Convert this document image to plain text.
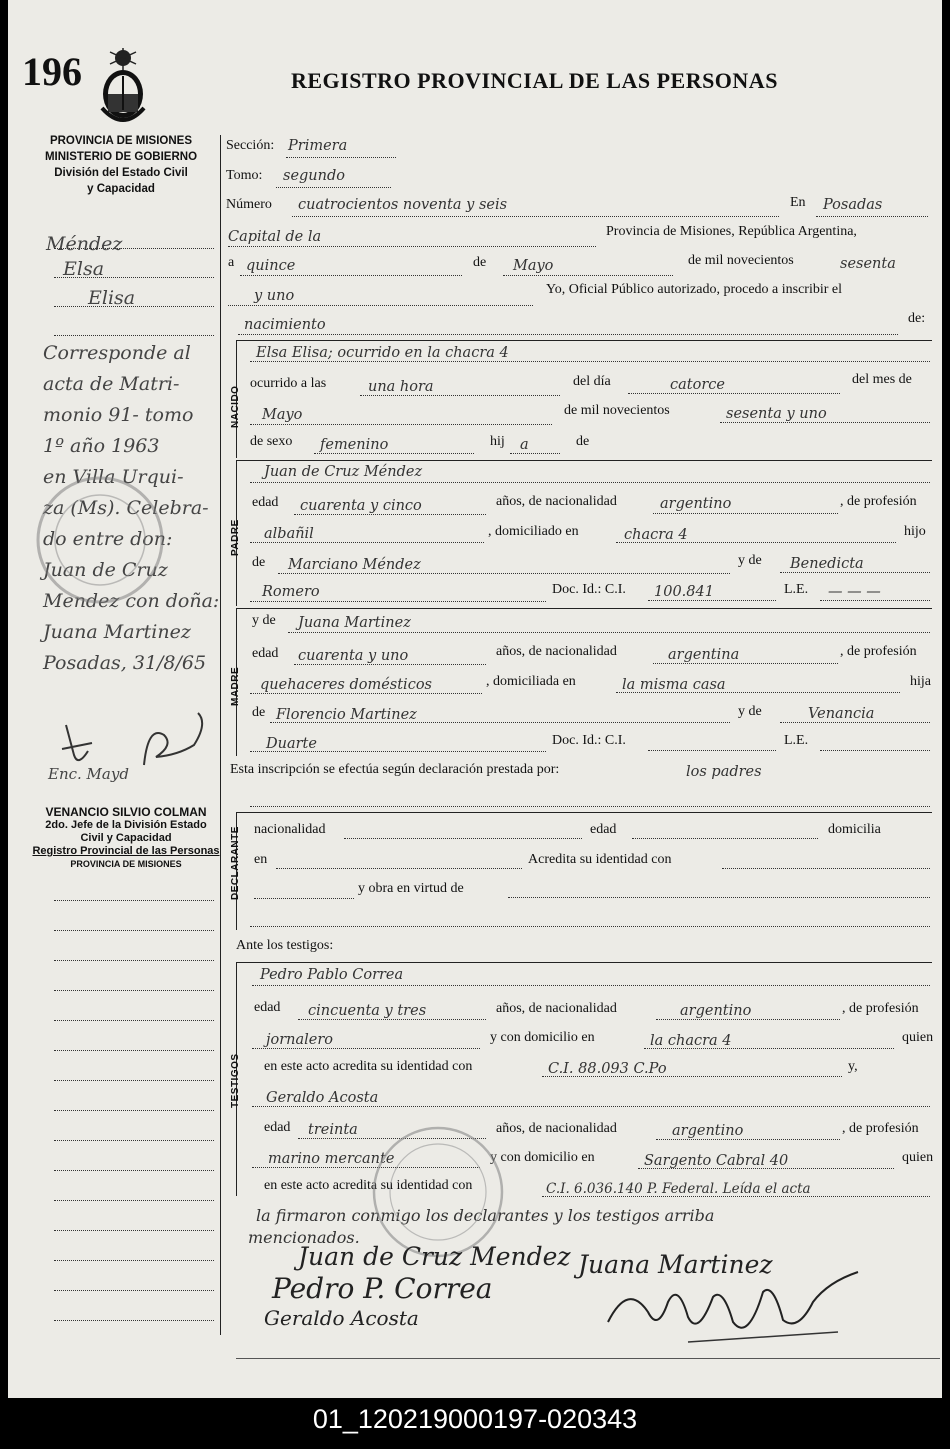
196	REGISTRO PROVINCIAL DE LAS PERSONAS
PROVINCIA DE MISIONES
MINISTERIO DE GOBIERNO
División del Estado Civil
y Capacidad
Méndez
Elsa
Elisa
Corresponde al
acta de Matri-
monio 91- tomo
1º año 1963
en Villa Urqui-
za (Ms). Celebra-
do entre don:
Juan de Cruz
Mendez con doña:
Juana Martinez
Posadas, 31/8/65
Enc. Mayd
VENANCIO SILVIO COLMAN
2do. Jefe de la División Estado
Civil y Capacidad
Registro Provincial de las Personas
PROVINCIA DE MISIONES
Sección: Primera
Tomo: segundo
Número cuatrocientos noventa y seis	En Posadas
Capital de la	Provincia de Misiones, República Argentina,
a quince	de Mayo	de mil novecientos	sesenta
y uno	Yo, Oficial Público autorizado, procedo a inscribir el
nacimiento	de:
NACIDO
Elsa Elisa; ocurrido en la chacra 4
ocurrido a las	una hora	del día	catorce	del mes de
Mayo	de mil novecientos	sesenta y uno
de sexo femenino	hij a	de
PADRE
Juan de Cruz Méndez
edad cuarenta y cinco	años, de nacionalidad	argentino	, de profesión
albañil	, domiciliado en	chacra 4	hijo
de Marciano Méndez	y de Benedicta
Romero	Doc. Id.: C.I. 100.841	L.E. — — —
MADRE
y de Juana Martinez
edad cuarenta y uno	años, de nacionalidad	argentina	, de profesión
quehaceres domésticos	, domiciliada en	la misma casa	hija
de Florencio Martinez	y de	Venancia
Duarte	Doc. Id.: C.I.	L.E.
Esta inscripción se efectúa según declaración prestada por:	los padres
DECLARANTE nacionalidad	edad	domicilia
en	Acredita su identidad con
y obra en virtud de
Ante los testigos:
TESTIGOS
Pedro Pablo Correa
edad cincuenta y tres	años, de nacionalidad	argentino	, de profesión
jornalero	y con domicilio en	la chacra 4	quien
en este acto acredita su identidad con	C.I. 88.093 C.Po	y,
Geraldo Acosta
edad treinta	años, de nacionalidad	argentino	, de profesión
marino mercante	y con domicilio en	Sargento Cabral 40	quien
en este acto acredita su identidad con	C.I. 6.036.140 P. Federal. Leída el acta
la firmaron conmigo los declarantes y los testigos arriba
mencionados.
Juan de Cruz Mendez Juana Martinez
Pedro P. Correa
Geraldo Acosta
01_120219000197-020343
